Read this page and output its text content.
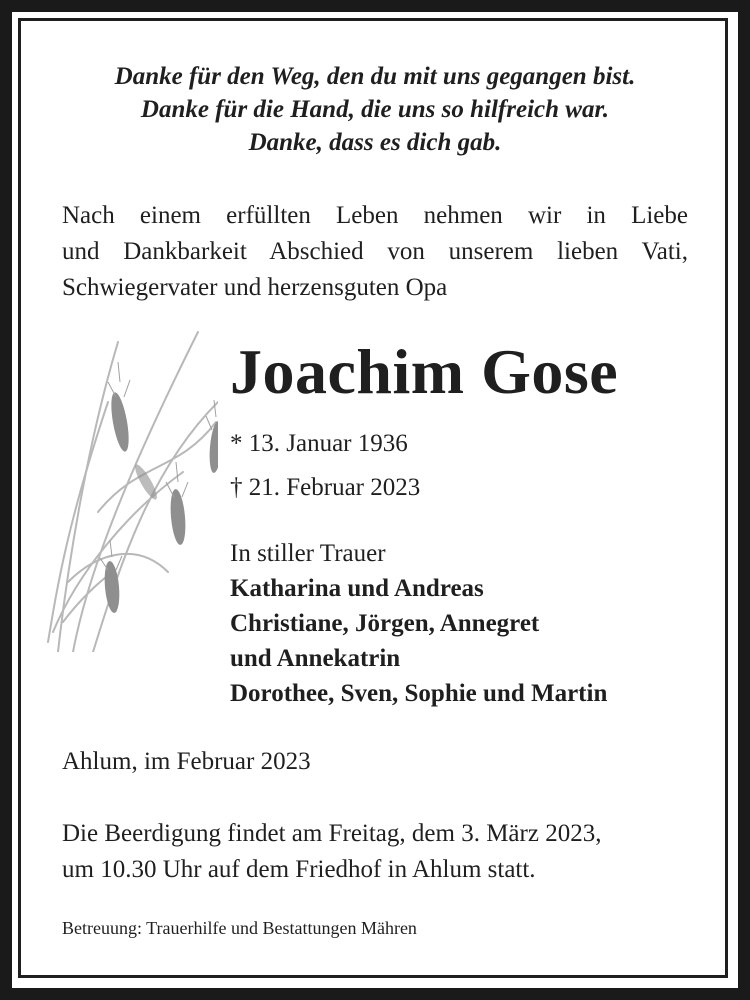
Danke für den Weg, den du mit uns gegangen bist.
Danke für die Hand, die uns so hilfreich war.
Danke, dass es dich gab.
Nach einem erfüllten Leben nehmen wir in Liebe
und Dankbarkeit Abschied von unserem lieben Vati,
Schwiegervater und herzensguten Opa
Joachim Gose
* 13. Januar 1936
† 21. Februar 2023
In stiller Trauer
Katharina und Andreas
Christiane, Jörgen, Annegret
und Annekatrin
Dorothee, Sven, Sophie und Martin
Ahlum, im Februar 2023
Die Beerdigung findet am Freitag, dem 3. März 2023,
um 10.30 Uhr auf dem Friedhof in Ahlum statt.
Betreuung: Trauerhilfe und Bestattungen Mähren
